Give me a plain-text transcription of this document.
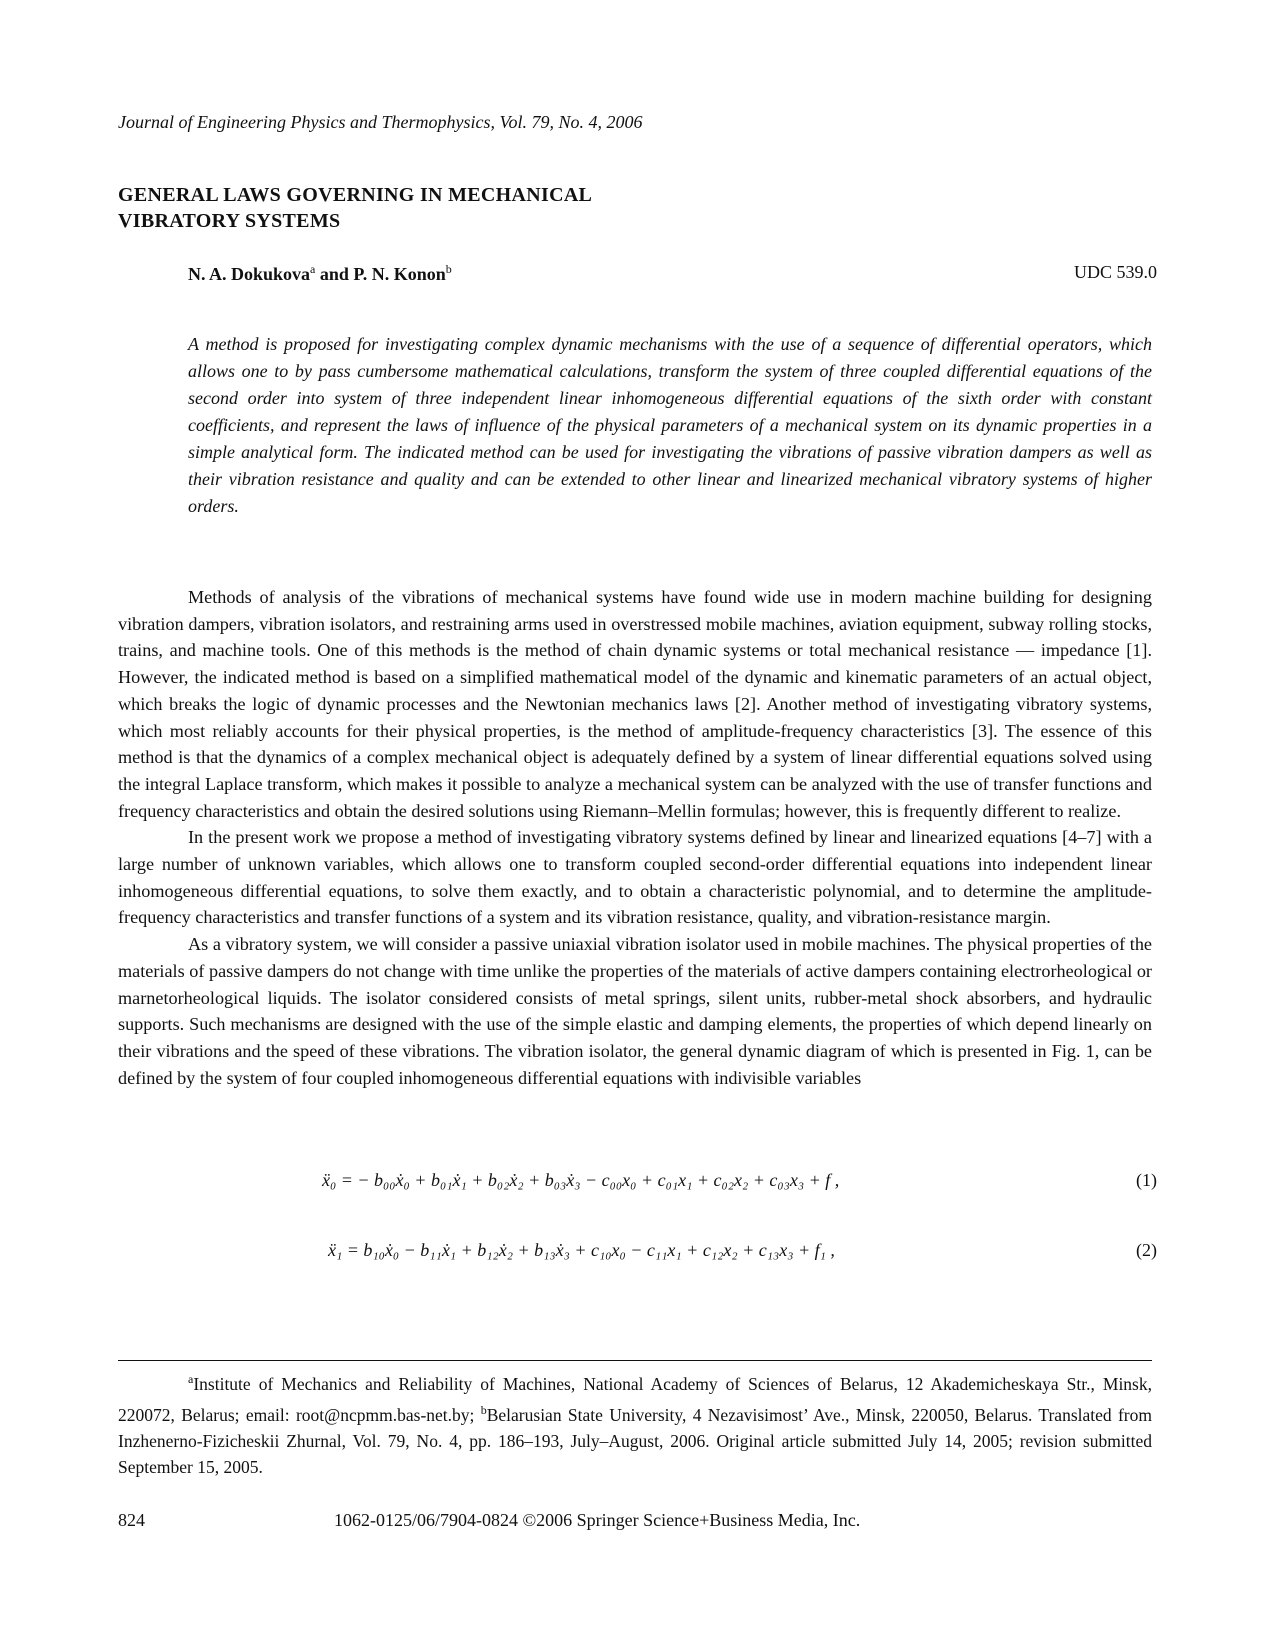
Journal of Engineering Physics and Thermophysics, Vol. 79, No. 4, 2006
GENERAL LAWS GOVERNING IN MECHANICAL
VIBRATORY SYSTEMS
N. A. Dokukova$^a$ and P. N. Konon$^b$	UDC 539.0
A method is proposed for investigating complex dynamic mechanisms with the use of a sequence of differential operators, which allows one to by pass cumbersome mathematical calculations, transform the system of three coupled differential equations of the second order into system of three independent linear inhomogeneous differential equations of the sixth order with constant coefficients, and represent the laws of influence of the physical parameters of a mechanical system on its dynamic properties in a simple analytical form. The indicated method can be used for investigating the vibrations of passive vibration dampers as well as their vibration resistance and quality and can be extended to other linear and linearized mechanical vibratory systems of higher orders.

Methods of analysis of the vibrations of mechanical systems have found wide use in modern machine building for designing vibration dampers, vibration isolators, and restraining arms used in overstressed mobile machines, aviation equipment, subway rolling stocks, trains, and machine tools. One of this methods is the method of chain dynamic systems or total mechanical resistance — impedance [1]. However, the indicated method is based on a simplified mathematical model of the dynamic and kinematic parameters of an actual object, which breaks the logic of dynamic processes and the Newtonian mechanics laws [2]. Another method of investigating vibratory systems, which most reliably accounts for their physical properties, is the method of amplitude-frequency characteristics [3]. The essence of this method is that the dynamics of a complex mechanical object is adequately defined by a system of linear differential equations solved using the integral Laplace transform, which makes it possible to analyze a mechanical system can be analyzed with the use of transfer functions and frequency characteristics and obtain the desired solutions using Riemann–Mellin formulas; however, this is frequently different to realize.

In the present work we propose a method of investigating vibratory systems defined by linear and linearized equations [4–7] with a large number of unknown variables, which allows one to transform coupled second-order differential equations into independent linear inhomogeneous differential equations, to solve them exactly, and to obtain a characteristic polynomial, and to determine the amplitude-frequency characteristics and transfer functions of a system and its vibration resistance, quality, and vibration-resistance margin.

As a vibratory system, we will consider a passive uniaxial vibration isolator used in mobile machines. The physical properties of the materials of passive dampers do not change with time unlike the properties of the materials of active dampers containing electrorheological or marnetorheological liquids. The isolator considered consists of metal springs, silent units, rubber-metal shock absorbers, and hydraulic supports. Such mechanisms are designed with the use of the simple elastic and damping elements, the properties of which depend linearly on their vibrations and the speed of these vibrations. The vibration isolator, the general dynamic diagram of which is presented in Fig. 1, can be defined by the system of four coupled inhomogeneous differential equations with indivisible variables

ẍ₀ = − b₀₀ẋ₀ + b₀₁ẋ₁ + b₀₂ẋ₂ + b₀₃ẋ₃ − c₀₀x₀ + c₀₁x₁ + c₀₂x₂ + c₀₃x₃ + f ,	(1)
ẍ₁ = b₁₀ẋ₀ − b₁₁ẋ₁ + b₁₂ẋ₂ + b₁₃ẋ₃ + c₁₀x₀ − c₁₁x₁ + c₁₂x₂ + c₁₃x₃ + f₁ ,	(2)

$^a$Institute of Mechanics and Reliability of Machines, National Academy of Sciences of Belarus, 12 Akademicheskaya Str., Minsk, 220072, Belarus; email: root@ncpmm.bas-net.by; $^b$Belarusian State University, 4 Nezavisimost’ Ave., Minsk, 220050, Belarus. Translated from Inzhenerno-Fizicheskii Zhurnal, Vol. 79, No. 4, pp. 186–193, July–August, 2006. Original article submitted July 14, 2005; revision submitted September 15, 2005.

824	1062-0125/06/7904-0824 ©2006 Springer Science+Business Media, Inc.
